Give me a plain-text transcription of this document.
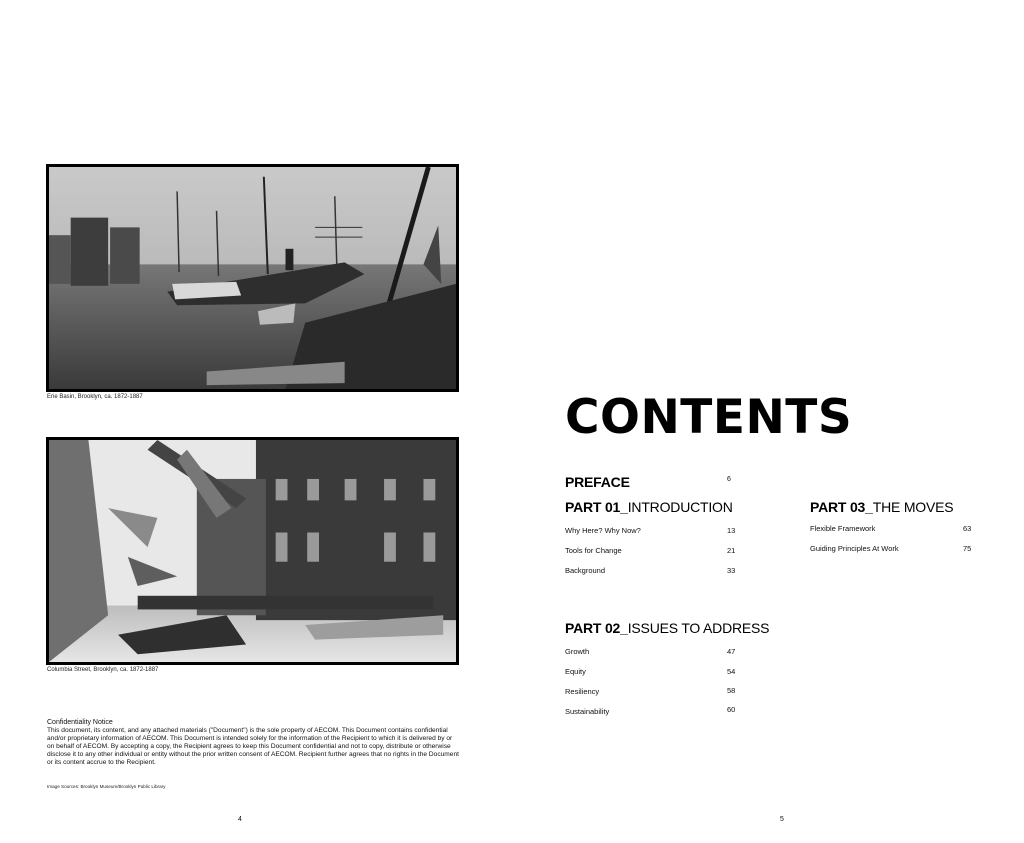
Erie Basin, Brooklyn, ca. 1872-1887
Columbia Street, Brooklyn, ca. 1872-1887
Confidentiality Notice
This document, its content, and any attached materials ("Document") is the sole property of AECOM. This Document contains confidential and/or proprietary information of AECOM. This Document is intended solely for the information of the Recipient to which it is delivered by or on behalf of AECOM. By accepting a copy, the Recipient agrees to keep this Document confidential and not to copy, distribute or otherwise disclose it to any other individual or entity without the prior written consent of AECOM. Recipient further agrees that no rights in the Document or its content accrue to the Recipient.
Image Sources: Brooklyn Museum/Brooklyn Public Library
4
CONTENTS
PREFACE	6
PART 01_INTRODUCTION
Why Here? Why Now?	13
Tools for Change	21
Background	33
PART 02_ISSUES TO ADDRESS
Growth	47
Equity	54
Resiliency	58
Sustainability	60
PART 03_THE MOVES
Flexible Framework	63
Guiding Principles At Work	75
5
